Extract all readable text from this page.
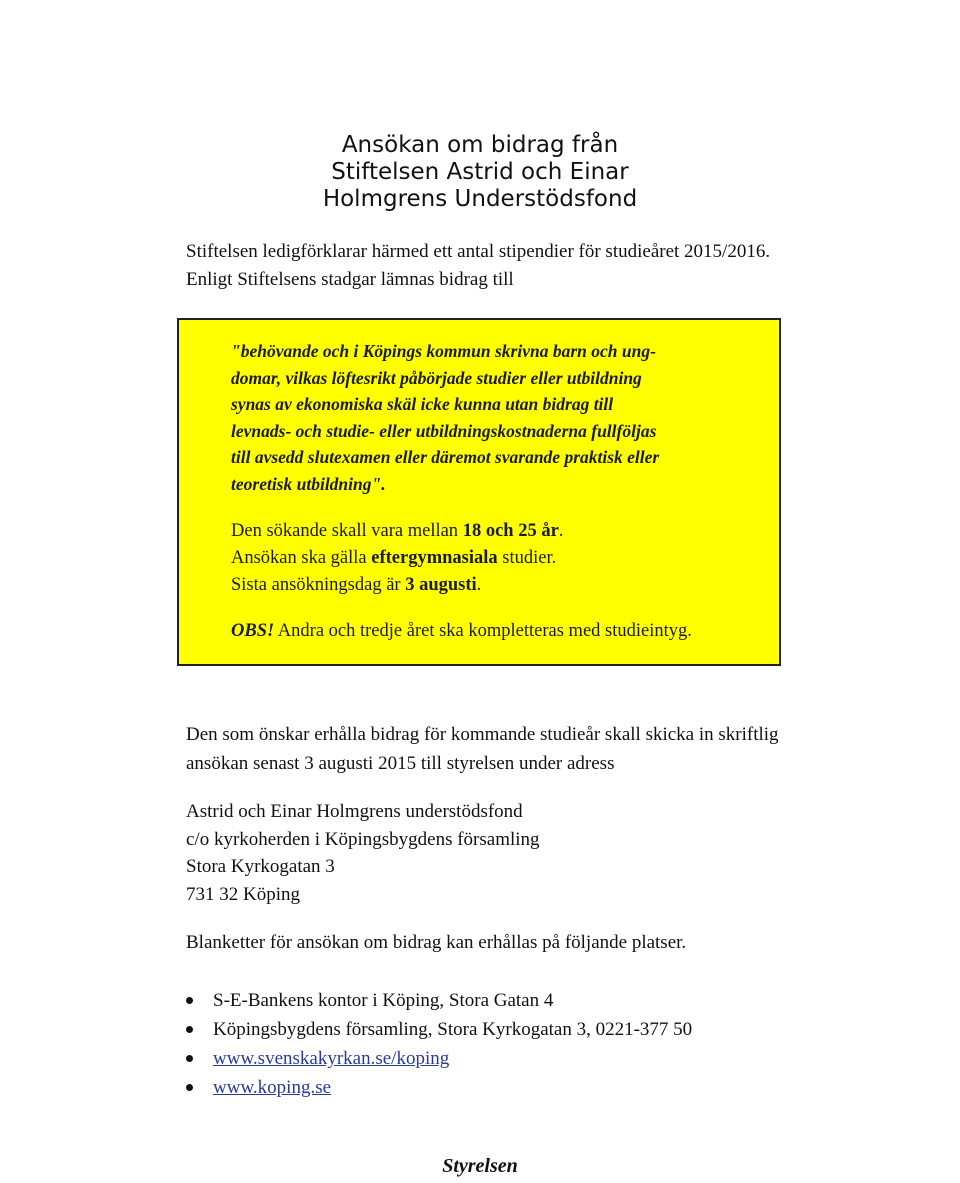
Ansökan om bidrag från
Stiftelsen Astrid och Einar
Holmgrens Understödsfond
Stiftelsen ledigförklarar härmed ett antal stipendier för studieåret 2015/2016.
Enligt Stiftelsens stadgar lämnas bidrag till
"behövande och i Köpings kommun skrivna barn och ung-
domar, vilkas löftesrikt påbörjade studier eller utbildning
synas av ekonomiska skäl icke kunna utan bidrag till
levnads- och studie- eller utbildningskostnaderna fullföljas
till avsedd slutexamen eller däremot svarande praktisk eller
teoretisk utbildning".
Den sökande skall vara mellan 18 och 25 år.
Ansökan ska gälla eftergymnasiala studier.
Sista ansökningsdag är 3 augusti.
OBS! Andra och tredje året ska kompletteras med studieintyg.
Den som önskar erhålla bidrag för kommande studieår skall skicka in skriftlig
ansökan senast 3 augusti 2015 till styrelsen under adress
Astrid och Einar Holmgrens understödsfond
c/o kyrkoherden i Köpingsbygdens församling
Stora Kyrkogatan 3
731 32 Köping
Blanketter för ansökan om bidrag kan erhållas på följande platser.
S-E-Bankens kontor i Köping, Stora Gatan 4
Köpingsbygdens församling, Stora Kyrkogatan 3, 0221-377 50
www.svenskakyrkan.se/koping
www.koping.se
Styrelsen
